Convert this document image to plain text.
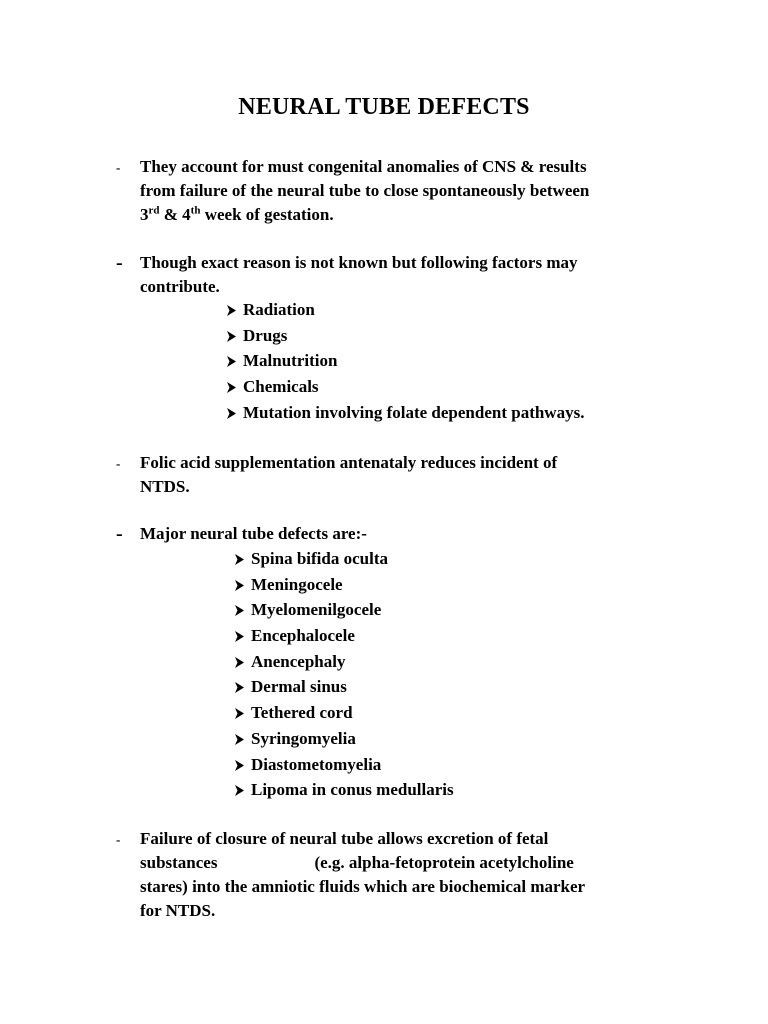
NEURAL TUBE DEFECTS
- They account for must congenital anomalies of CNS & results
from failure of the neural tube to close spontaneously between
3rd & 4th week of gestation.
- Though exact reason is not known but following factors may
contribute.
Radiation
Drugs
Malnutrition
Chemicals
Mutation involving folate dependent pathways.
- Folic acid supplementation antenataly reduces incident of
NTDS.
- Major neural tube defects are:-
Spina bifida oculta
Meningocele
Myelomenilgocele
Encephalocele
Anencephaly
Dermal sinus
Tethered cord
Syringomyelia
Diastometomyelia
Lipoma in conus medullaris
- Failure of closure of neural tube allows excretion of fetal
substances	(e.g. alpha-fetoprotein acetylcholine
stares) into the amniotic fluids which are biochemical marker
for NTDS.
